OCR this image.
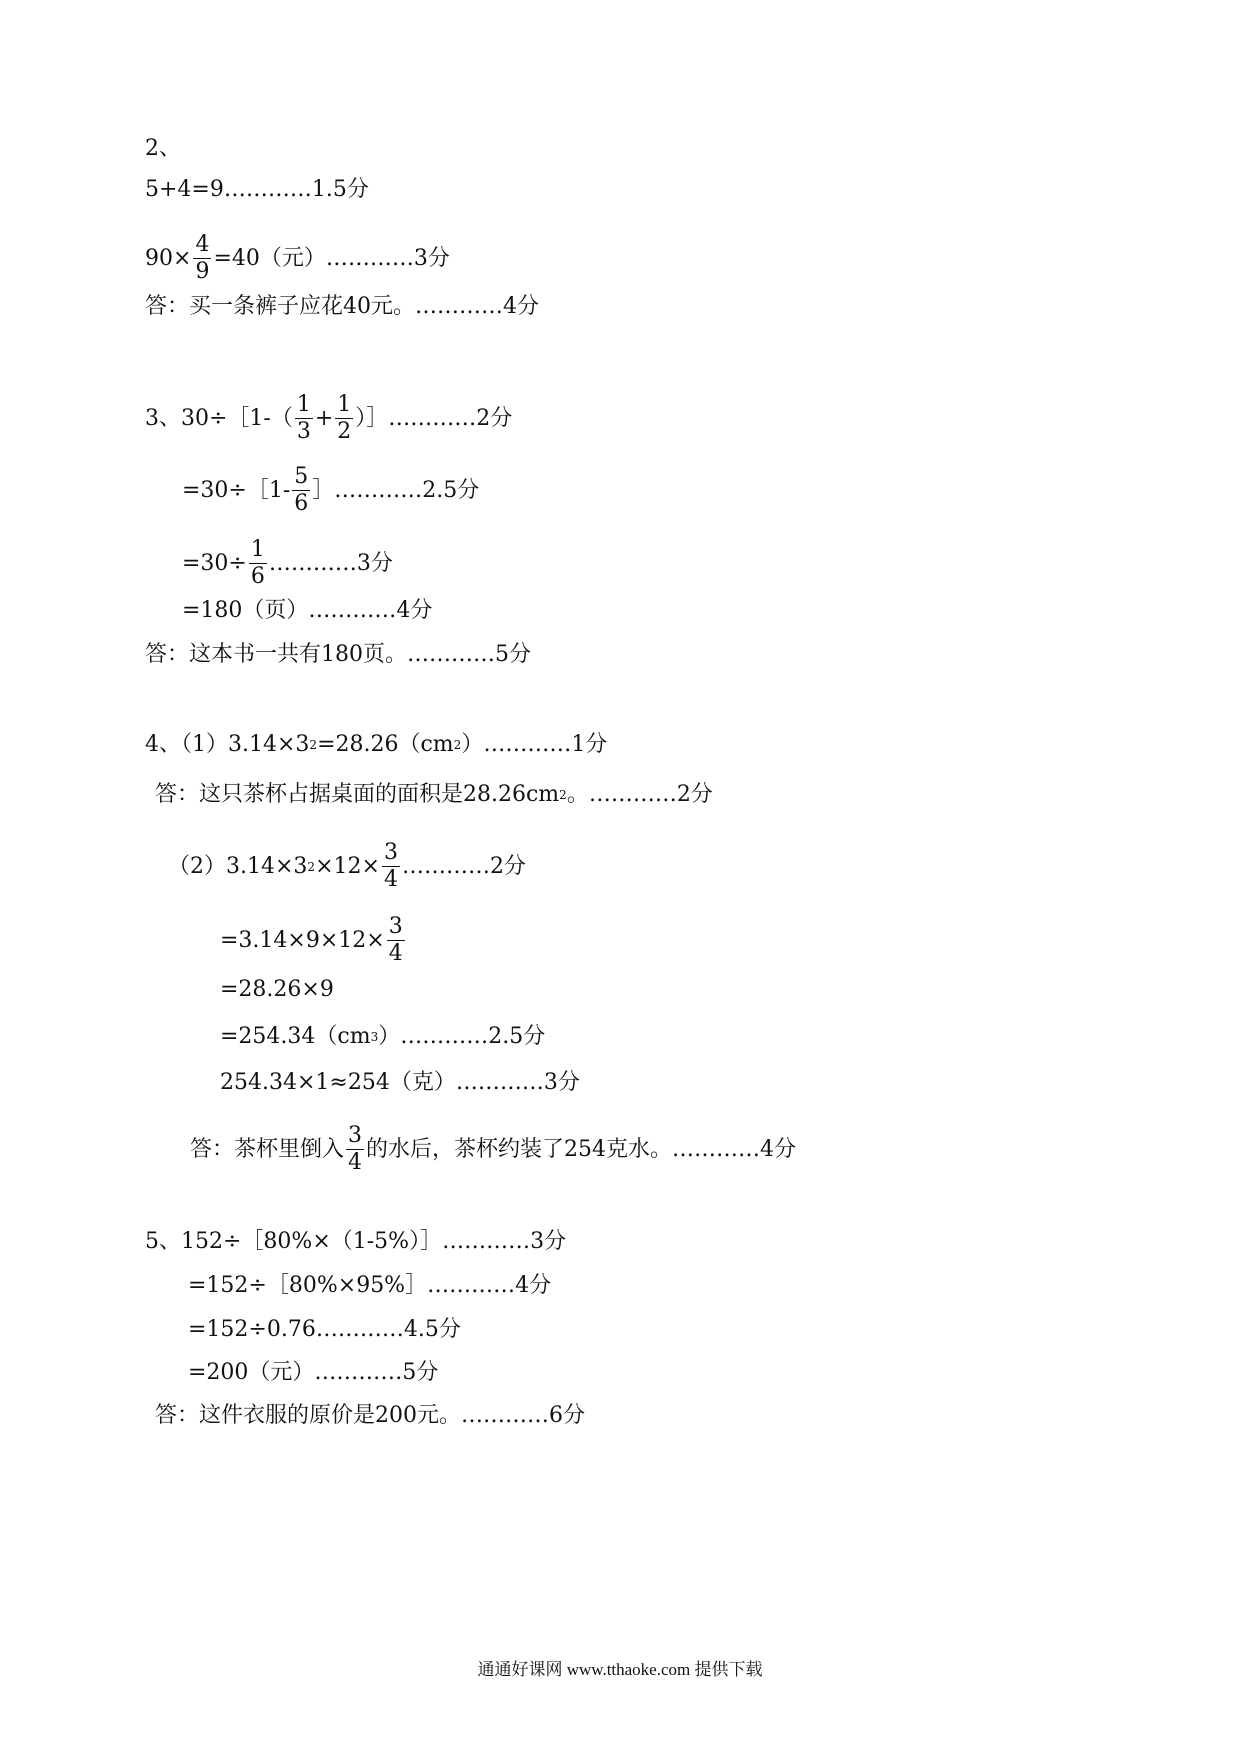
2、
5+4=9…………1.5分
$90\times \frac{4}{9} =40$（元）…………3分
答：买一条裤子应花40元。…………4分
3、30÷［1-（ $\frac{1}{3} + \frac{1}{2}$ ）］…………2分
=30÷［1- $\frac{5}{6}$ ］…………2.5分
$=30\div \frac{1}{6}$ …………3分
=180（页）…………4分
答：这本书一共有180页。…………5分
4、（1）3.14×3 2 =28.26（cm 2 ）…………1分
答：这只茶杯占据桌面的面积是28.26cm 2 。…………2分
（2）3.14×3 $2 \times 12\times \frac{3}{4}$ …………2分
$=3.14\times 9\times 12\times \frac{3}{4}$
=28.26×9
=254.34（cm 3 ）…………2.5分
254.34×1≈254（克）…………3分
答：茶杯里倒入 $\frac{3}{4}$ 的水后，茶杯约装了254克水。…………4分
5、152÷［80%×（1-5%）］…………3分
=152÷［80%×95%］…………4分
=152÷0.76…………4.5分
=200（元）…………5分
答：这件衣服的原价是200元。…………6分
通通好课网 www.tthaoke.com 提供下载
